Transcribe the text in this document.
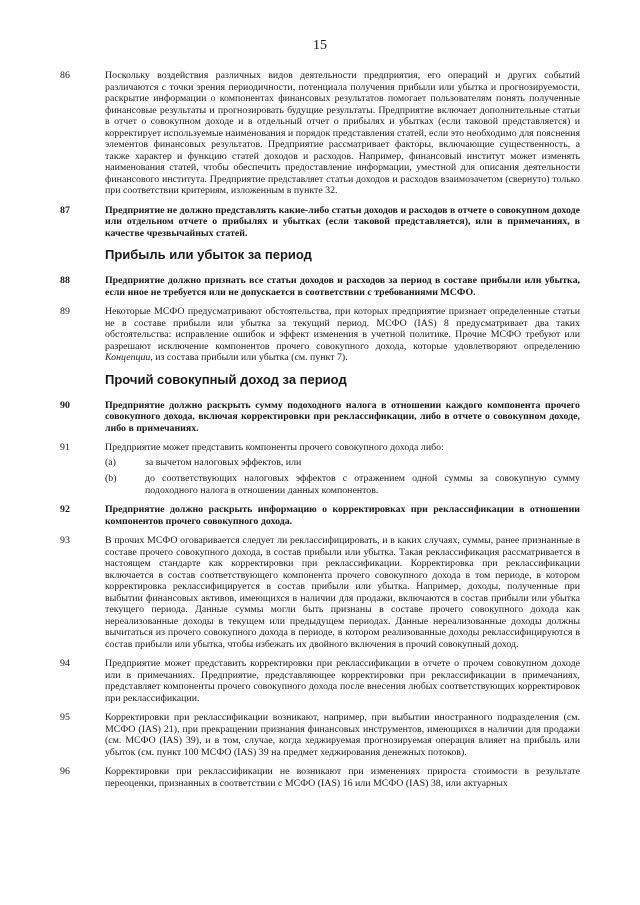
15
86	Поскольку воздействия различных видов деятельности предприятия, его операций и других событий различаются с точки зрения периодичности, потенциала получения прибыли или убытка и прогнозируемости, раскрытие информации о компонентах финансовых результатов помогает пользователям понять полученные финансовые результаты и прогнозировать будущие результаты. Предприятие включает дополнительные статьи в отчет о совокупном доходе и в отдельный отчет о прибылях и убытках (если таковой представляется) и корректирует используемые наименования и порядок представления статей, если это необходимо для пояснения элементов финансовых результатов. Предприятие рассматривает факторы, включающие существенность, а также характер и функцию статей доходов и расходов. Например, финансовый институт может изменять наименования статей, чтобы обеспечить предоставление информации, уместной для описания деятельности финансового института. Предприятие представляет статьи доходов и расходов взаимозачетом (свернуто) только при соответствии критериям, изложенным в пункте 32.
87	Предприятие не должно представлять какие-либо статьи доходов и расходов в отчете о совокупном доходе или отдельном отчете о прибылях и убытках (если таковой представляется), или в примечаниях, в качестве чрезвычайных статей.
Прибыль или убыток за период
88	Предприятие должно признать все статьи доходов и расходов за период в составе прибыли или убытка, если иное не требуется или не допускается в соответствии с требованиями МСФО.
89	Некоторые МСФО предусматривают обстоятельства, при которых предприятие признает определенные статьи не в составе прибыли или убытка за текущий период. МСФО (IAS) 8 предусматривает два таких обстоятельства: исправление ошибок и эффект изменения в учетной политике. Прочие МСФО требуют или разрешают исключение компонентов прочего совокупного дохода, которые удовлетворяют определению Концепции, из состава прибыли или убытка (см. пункт 7).
Прочий совокупный доход за период
90	Предприятие должно раскрыть сумму подоходного налога в отношении каждого компонента прочего совокупного дохода, включая корректировки при реклассификации, либо в отчете о совокупном доходе, либо в примечаниях.
91	Предприятие может представить компоненты прочего совокупного дохода либо:
(a)	за вычетом налоговых эффектов, или
(b)	до соответствующих налоговых эффектов с отражением одной суммы за совокупную сумму подоходного налога в отношении данных компонентов.
92	Предприятие должно раскрыть информацию о корректировках при реклассификации в отношении компонентов прочего совокупного дохода.
93	В прочих МСФО оговаривается следует ли реклассифицировать, и в каких случаях, суммы, ранее признанные в составе прочего совокупного дохода, в состав прибыли или убытка. Такая реклассификация рассматривается в настоящем стандарте как корректировки при реклассификации. Корректировка при реклассификации включается в состав соответствующего компонента прочего совокупного дохода в том периоде, в котором корректировка реклассифицируется в состав прибыли или убытка. Например, доходы, полученные при выбытии финансовых активов, имеющихся в наличии для продажи, включаются в состав прибыли или убытка текущего периода. Данные суммы могли быть признаны в составе прочего совокупного дохода как нереализованные доходы в текущем или предыдущем периодах. Данные нереализованные доходы должны вычитаться из прочего совокупного дохода в периоде, в котором реализованные доходы реклассифицируются в состав прибыли или убытка, чтобы избежать их двойного включения в прочий совокупный доход.
94	Предприятие может представить корректировки при реклассификации в отчете о прочем совокупном доходе или в примечаниях. Предприятие, представляющее корректировки при реклассификации в примечаниях, представляет компоненты прочего совокупного дохода после внесения любых соответствующих корректировок при реклассификации.
95	Корректировки при реклассификации возникают, например, при выбытии иностранного подразделения (см. МСФО (IAS) 21), при прекращении признания финансовых инструментов, имеющихся в наличии для продажи (см. МСФО (IAS) 39), и в том, случае, когда хеджируемая прогнозируемая операция влияет на прибыль или убыток (см. пункт 100 МСФО (IAS) 39 на предмет хеджирования денежных потоков).
96	Корректировки при реклассификации не возникают при изменениях прироста стоимости в результате переоценки, признанных в соответствии с МСФО (IAS) 16 или МСФО (IAS) 38, или актуарных
